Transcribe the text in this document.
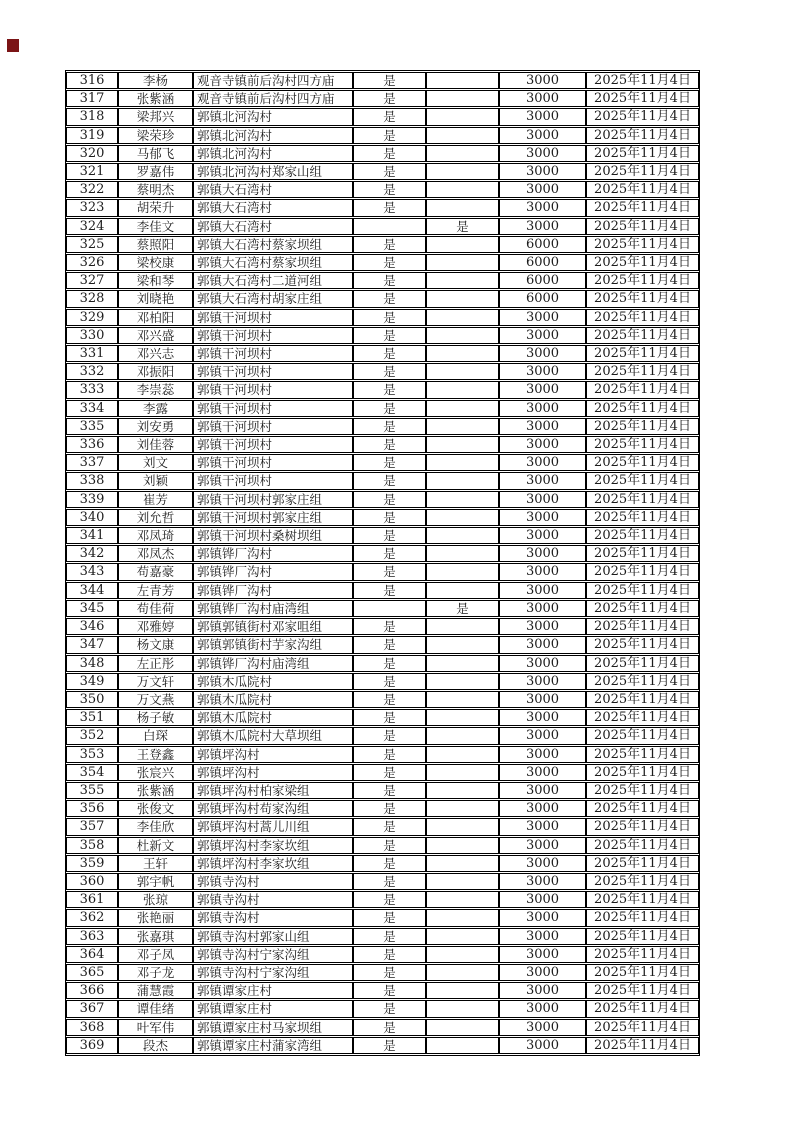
316	李杨	观音寺镇前后沟村四方庙	是		3000	2025年11月4日
317	张紫涵	观音寺镇前后沟村四方庙	是		3000	2025年11月4日
318	梁邦兴	郭镇北河沟村	是		3000	2025年11月4日
319	梁荣珍	郭镇北河沟村	是		3000	2025年11月4日
320	马郁飞	郭镇北河沟村	是		3000	2025年11月4日
321	罗嘉伟	郭镇北河沟村郑家山组	是		3000	2025年11月4日
322	蔡明杰	郭镇大石湾村	是		3000	2025年11月4日
323	胡荣升	郭镇大石湾村	是		3000	2025年11月4日
324	李佳文	郭镇大石湾村		是	3000	2025年11月4日
325	蔡照阳	郭镇大石湾村蔡家坝组	是		6000	2025年11月4日
326	梁校康	郭镇大石湾村蔡家坝组	是		6000	2025年11月4日
327	梁和琴	郭镇大石湾村二道河组	是		6000	2025年11月4日
328	刘晓艳	郭镇大石湾村胡家庄组	是		6000	2025年11月4日
329	邓柏阳	郭镇干河坝村	是		3000	2025年11月4日
330	邓兴盛	郭镇干河坝村	是		3000	2025年11月4日
331	邓兴志	郭镇干河坝村	是		3000	2025年11月4日
332	邓振阳	郭镇干河坝村	是		3000	2025年11月4日
333	李崇蕊	郭镇干河坝村	是		3000	2025年11月4日
334	李露	郭镇干河坝村	是		3000	2025年11月4日
335	刘安勇	郭镇干河坝村	是		3000	2025年11月4日
336	刘佳蓉	郭镇干河坝村	是		3000	2025年11月4日
337	刘文	郭镇干河坝村	是		3000	2025年11月4日
338	刘颖	郭镇干河坝村	是		3000	2025年11月4日
339	崔芳	郭镇干河坝村郭家庄组	是		3000	2025年11月4日
340	刘允哲	郭镇干河坝村郭家庄组	是		3000	2025年11月4日
341	邓凤琦	郭镇干河坝村桑树坝组	是		3000	2025年11月4日
342	邓凤杰	郭镇铧厂沟村	是		3000	2025年11月4日
343	苟嘉豪	郭镇铧厂沟村	是		3000	2025年11月4日
344	左青芳	郭镇铧厂沟村	是		3000	2025年11月4日
345	苟佳荷	郭镇铧厂沟村庙湾组		是	3000	2025年11月4日
346	邓雅婷	郭镇郭镇街村邓家咀组	是		3000	2025年11月4日
347	杨文康	郭镇郭镇街村芋家沟组	是		3000	2025年11月4日
348	左正彤	郭镇铧厂沟村庙湾组	是		3000	2025年11月4日
349	万文轩	郭镇木瓜院村	是		3000	2025年11月4日
350	万文燕	郭镇木瓜院村	是		3000	2025年11月4日
351	杨子敏	郭镇木瓜院村	是		3000	2025年11月4日
352	白琛	郭镇木瓜院村大草坝组	是		3000	2025年11月4日
353	王登鑫	郭镇坪沟村	是		3000	2025年11月4日
354	张宸兴	郭镇坪沟村	是		3000	2025年11月4日
355	张紫涵	郭镇坪沟村柏家梁组	是		3000	2025年11月4日
356	张俊文	郭镇坪沟村苟家沟组	是		3000	2025年11月4日
357	李佳欣	郭镇坪沟村蒿儿川组	是		3000	2025年11月4日
358	杜新文	郭镇坪沟村李家坎组	是		3000	2025年11月4日
359	王轩	郭镇坪沟村李家坎组	是		3000	2025年11月4日
360	郭宇帆	郭镇寺沟村	是		3000	2025年11月4日
361	张琼	郭镇寺沟村	是		3000	2025年11月4日
362	张艳丽	郭镇寺沟村	是		3000	2025年11月4日
363	张嘉琪	郭镇寺沟村郭家山组	是		3000	2025年11月4日
364	邓子凤	郭镇寺沟村宁家沟组	是		3000	2025年11月4日
365	邓子龙	郭镇寺沟村宁家沟组	是		3000	2025年11月4日
366	蒲慧霞	郭镇谭家庄村	是		3000	2025年11月4日
367	谭佳绪	郭镇谭家庄村	是		3000	2025年11月4日
368	叶军伟	郭镇谭家庄村马家坝组	是		3000	2025年11月4日
369	段杰	郭镇谭家庄村蒲家湾组	是		3000	2025年11月4日
